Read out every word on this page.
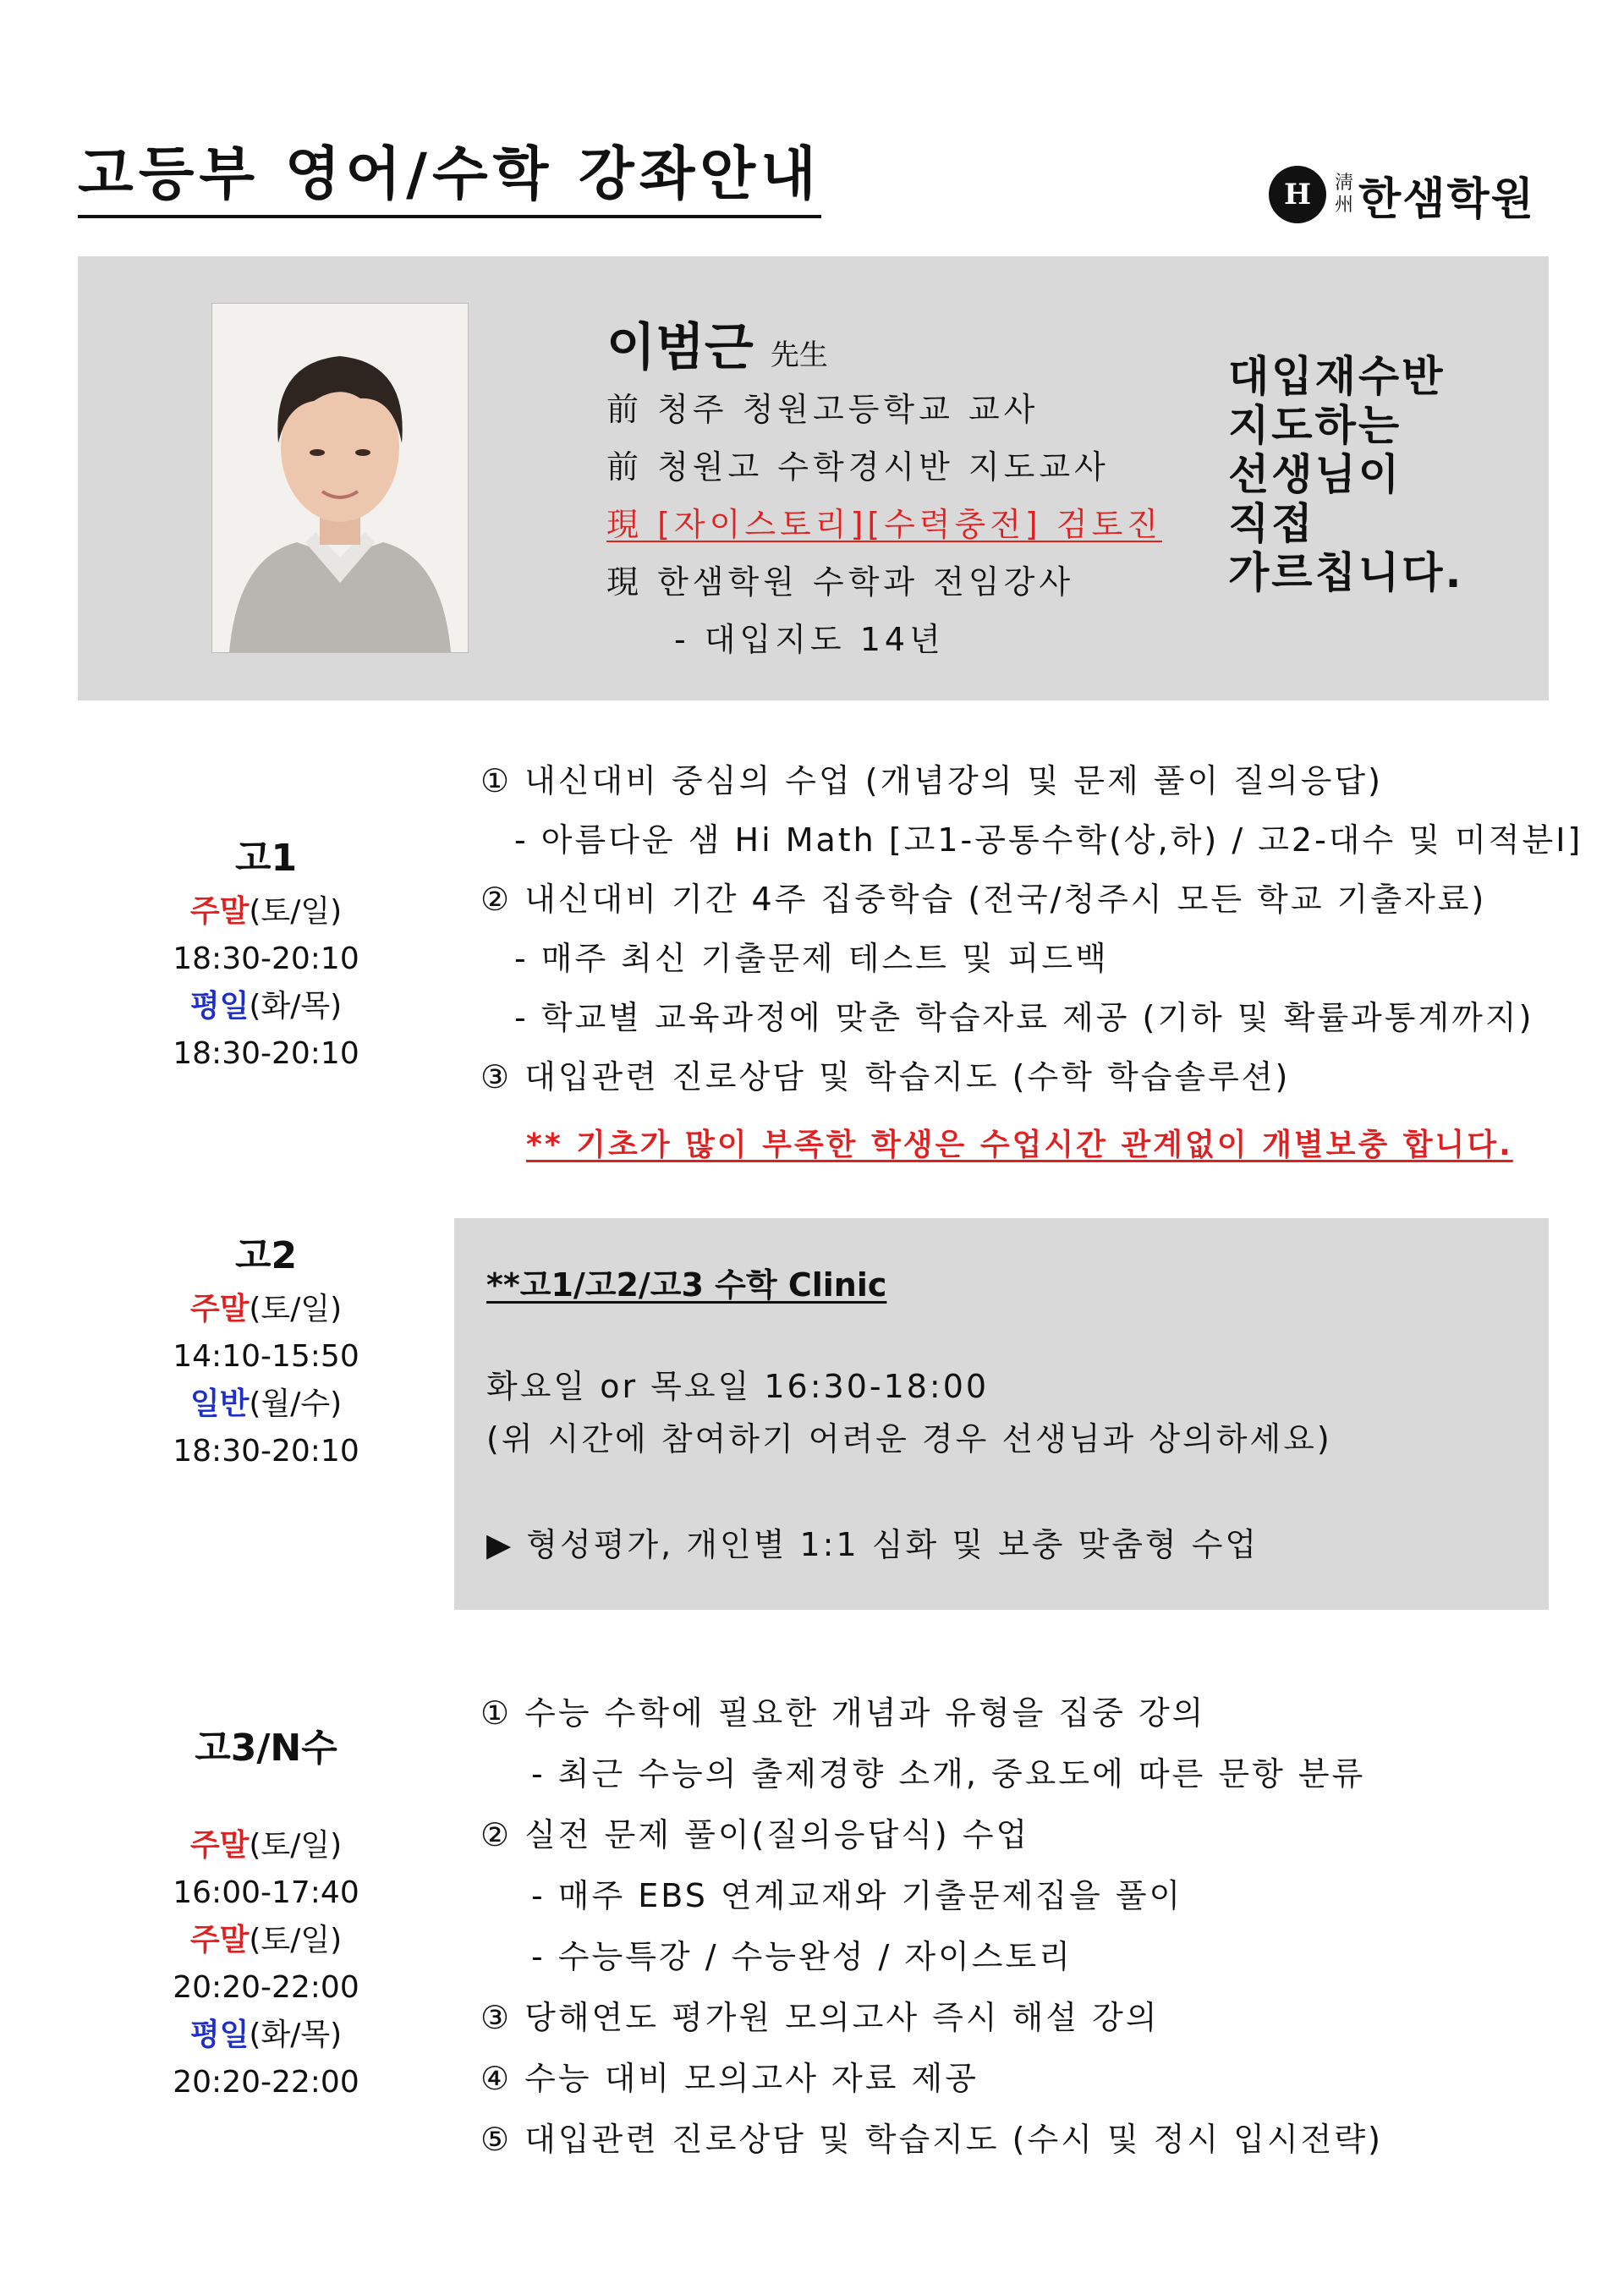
고등부 영어/수학 강좌안내	H	淸
州 한샘학원
이범근 先生
前 청주 청원고등학교 교사
前 청원고 수학경시반 지도교사
現 [자이스토리][수력충전] 검토진
現 한샘학원 수학과 전임강사
- 대입지도 14년
대입재수반
지도하는
선생님이
직접
가르칩니다.
고1
주말(토/일)
18:30-20:10
평일(화/목)
18:30-20:10
① 내신대비 중심의 수업 (개념강의 및 문제 풀이 질의응답)
- 아름다운 샘 Hi Math [고1-공통수학(상,하) / 고2-대수 및 미적분I]
② 내신대비 기간 4주 집중학습 (전국/청주시 모든 학교 기출자료)
- 매주 최신 기출문제 테스트 및 피드백
- 학교별 교육과정에 맞춘 학습자료 제공 (기하 및 확률과통계까지)
③ 대입관련 진로상담 및 학습지도 (수학 학습솔루션)
** 기초가 많이 부족한 학생은 수업시간 관계없이 개별보충 합니다.
고2
주말(토/일)
14:10-15:50
일반(월/수)
18:30-20:10
**고1/고2/고3 수학 Clinic
화요일 or 목요일 16:30-18:00
(위 시간에 참여하기 어려운 경우 선생님과 상의하세요)
▶ 형성평가, 개인별 1:1 심화 및 보충 맞춤형 수업
고3/N수
주말(토/일)
16:00-17:40
주말(토/일)
20:20-22:00
평일(화/목)
20:20-22:00
① 수능 수학에 필요한 개념과 유형을 집중 강의
- 최근 수능의 출제경향 소개, 중요도에 따른 문항 분류
② 실전 문제 풀이(질의응답식) 수업
- 매주 EBS 연계교재와 기출문제집을 풀이
- 수능특강 / 수능완성 / 자이스토리
③ 당해연도 평가원 모의고사 즉시 해설 강의
④ 수능 대비 모의고사 자료 제공
⑤ 대입관련 진로상담 및 학습지도 (수시 및 정시 입시전략)
